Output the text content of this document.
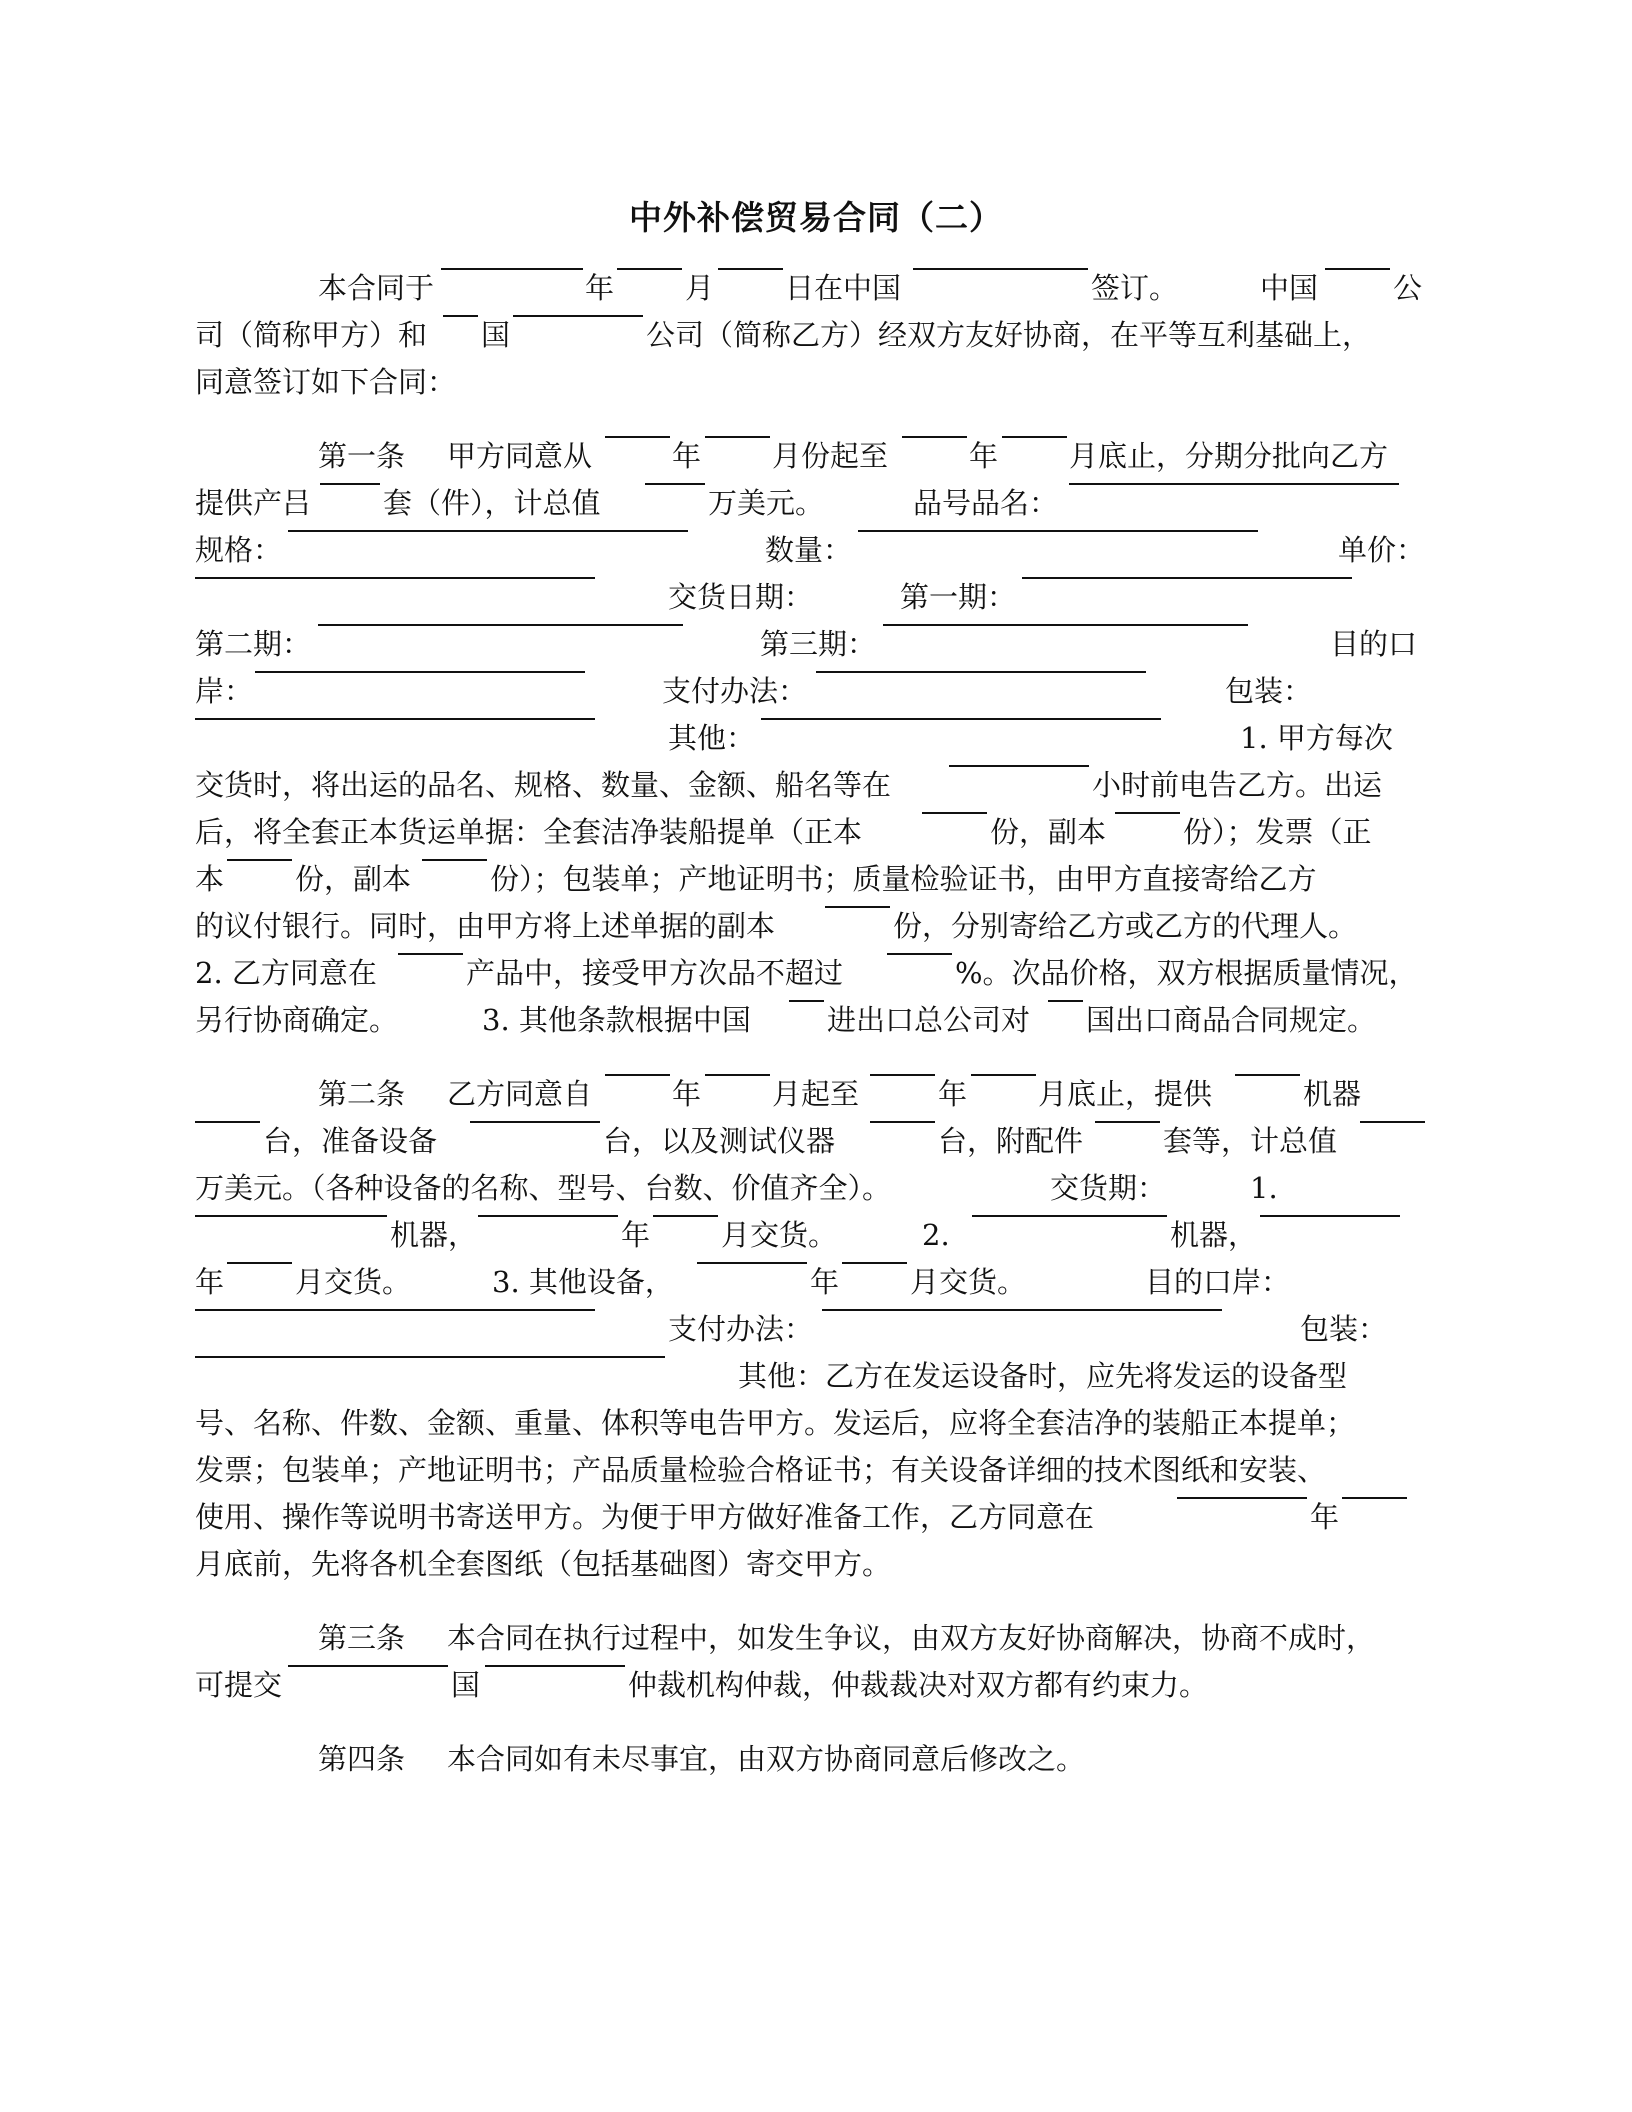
中外补偿贸易合同（二）
本合同于	年 月 日在中国	签订。	中国	公
司（简称甲方）和 国	公司（简称乙方）经双方友好协商，在平等互利基础上，
同意签订如下合同：
第一条 甲方同意从	年 月份起至	年 月底止，分期分批向乙方
提供产吕 套（件），计总值	万美元。	品号品名：
规格：	数量：	单价：
交货日期：	第一期：
第二期：	第三期：	目的口
岸：	支付办法：	包装：
其他：	1. 甲方每次
交货时，将出运的品名、规格、数量、金额、船名等在	小时前电告乙方。出运
后，将全套正本货运单据：全套洁净装船提单（正本	份，副本	份）；发票（正
本 份，副本	份）；包装单；产地证明书；质量检验证书，由甲方直接寄给乙方
的议付银行。同时，由甲方将上述单据的副本	份，分别寄给乙方或乙方的代理人。
2. 乙方同意在	产品中，接受甲方次品不超过	%。次品价格，双方根据质量情况，
另行协商确定。	3. 其他条款根据中国	进出口总公司对 国出口商品合同规定。
第二条 乙方同意自	年 月起至	年 月底止，提供	机器
台，准备设备	台，以及测试仪器	台，附配件	套等，计总值
万美元。（各种设备的名称、型号、台数、价值齐全）。	交货期：	1.
机器，	年 月交货。	2.	机器，
年 月交货。	3. 其他设备，	年 月交货。	目的口岸：
支付办法：	包装：
其他：乙方在发运设备时，应先将发运的设备型
号、名称、件数、金额、重量、体积等电告甲方。发运后，应将全套洁净的装船正本提单；
发票；包装单；产地证明书；产品质量检验合格证书；有关设备详细的技术图纸和安装、
使用、操作等说明书寄送甲方。为便于甲方做好准备工作，乙方同意在	年
月底前，先将各机全套图纸（包括基础图）寄交甲方。
第三条 本合同在执行过程中，如发生争议，由双方友好协商解决，协商不成时，
可提交	国	仲裁机构仲裁，仲裁裁决对双方都有约束力。
第四条 本合同如有未尽事宜，由双方协商同意后修改之。
